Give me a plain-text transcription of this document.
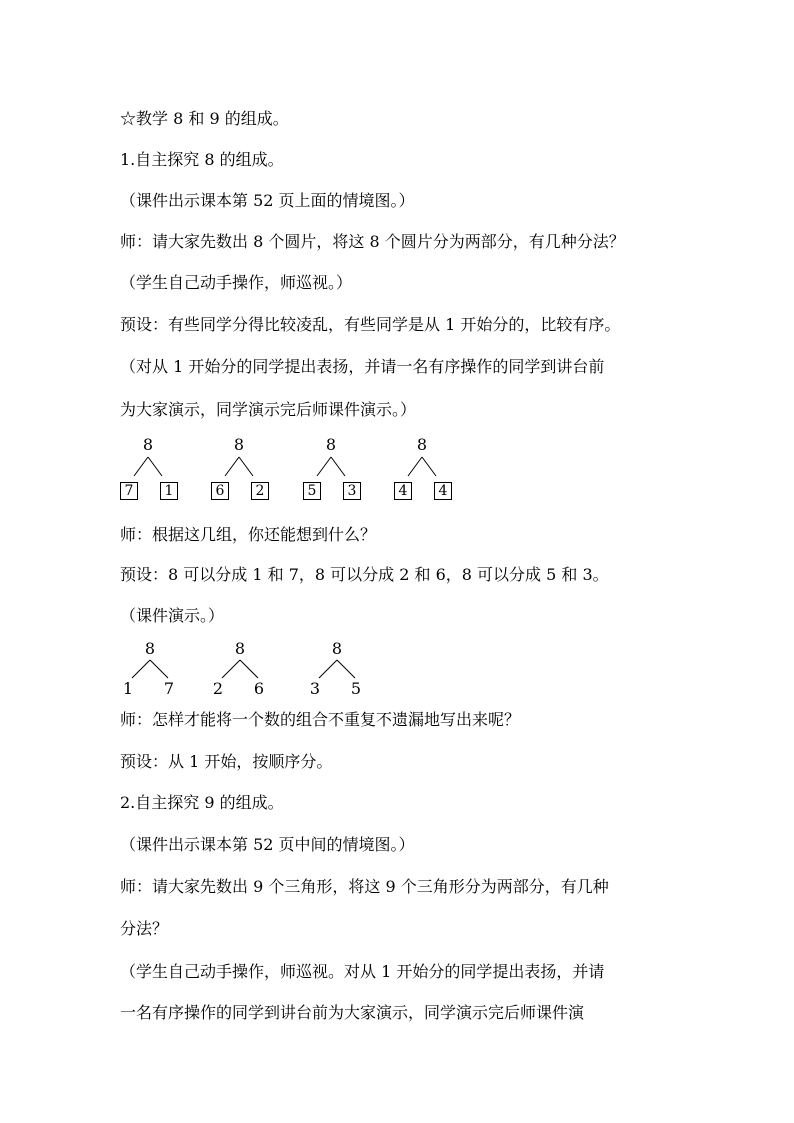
☆教学 8 和 9 的组成。
1.自主探究 8 的组成。
（课件出示课本第 52 页上面的情境图。）
师：请大家先数出 8 个圆片，将这 8 个圆片分为两部分，有几种分法？
（学生自己动手操作，师巡视。）
预设：有些同学分得比较凌乱，有些同学是从 1 开始分的，比较有序。
（对从 1 开始分的同学提出表扬，并请一名有序操作的同学到讲台前
为大家演示，同学演示完后师课件演示。）
8
7	1
8
6	2
8
5	3
8
4	4
师：根据这几组，你还能想到什么？
预设：8 可以分成 1 和 7，8 可以分成 2 和 6，8 可以分成 5 和 3。
（课件演示。）
8
1	7
8
2	6
8
3	5
师：怎样才能将一个数的组合不重复不遗漏地写出来呢？
预设：从 1 开始，按顺序分。
2.自主探究 9 的组成。
（课件出示课本第 52 页中间的情境图。）
师：请大家先数出 9 个三角形，将这 9 个三角形分为两部分，有几种
分法？
（学生自己动手操作，师巡视。对从 1 开始分的同学提出表扬，并请
一名有序操作的同学到讲台前为大家演示，同学演示完后师课件演
